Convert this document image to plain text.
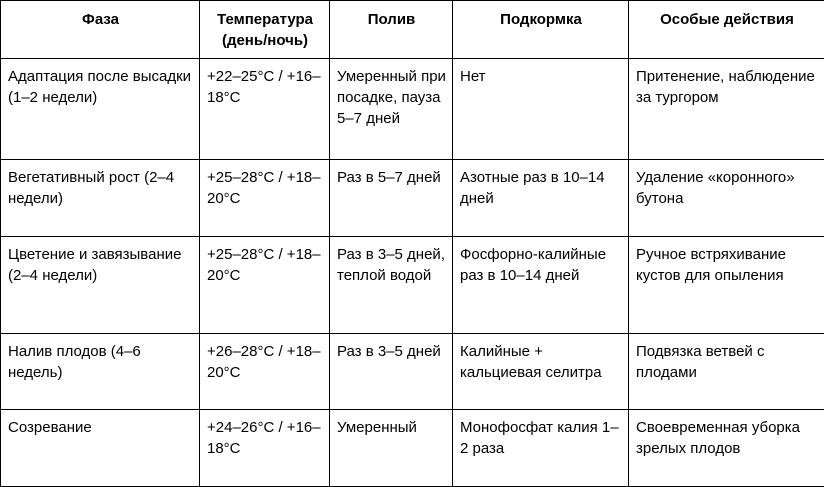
Фаза	Температура (день/ночь)	Полив	Подкормка	Особые действия
Адаптация после высадки (1–2 недели)	+22–25°C / +16–18°C	Умеренный при посадке, пауза 5–7 дней	Нет	Притенение, наблюдение за тургором
Вегетативный рост (2–4 недели)	+25–28°C / +18–20°C	Раз в 5–7 дней	Азотные раз в 10–14 дней	Удаление «коронного» бутона
Цветение и завязывание (2–4 недели)	+25–28°C / +18–20°C	Раз в 3–5 дней, теплой водой	Фосфорно-калийные раз в 10–14 дней	Ручное встряхивание кустов для опыления
Налив плодов (4–6 недель)	+26–28°C / +18–20°C	Раз в 3–5 дней	Калийные + кальциевая селитра	Подвязка ветвей с плодами
Созревание	+24–26°C / +16–18°C	Умеренный	Монофосфат калия 1–2 раза	Своевременная уборка зрелых плодов
